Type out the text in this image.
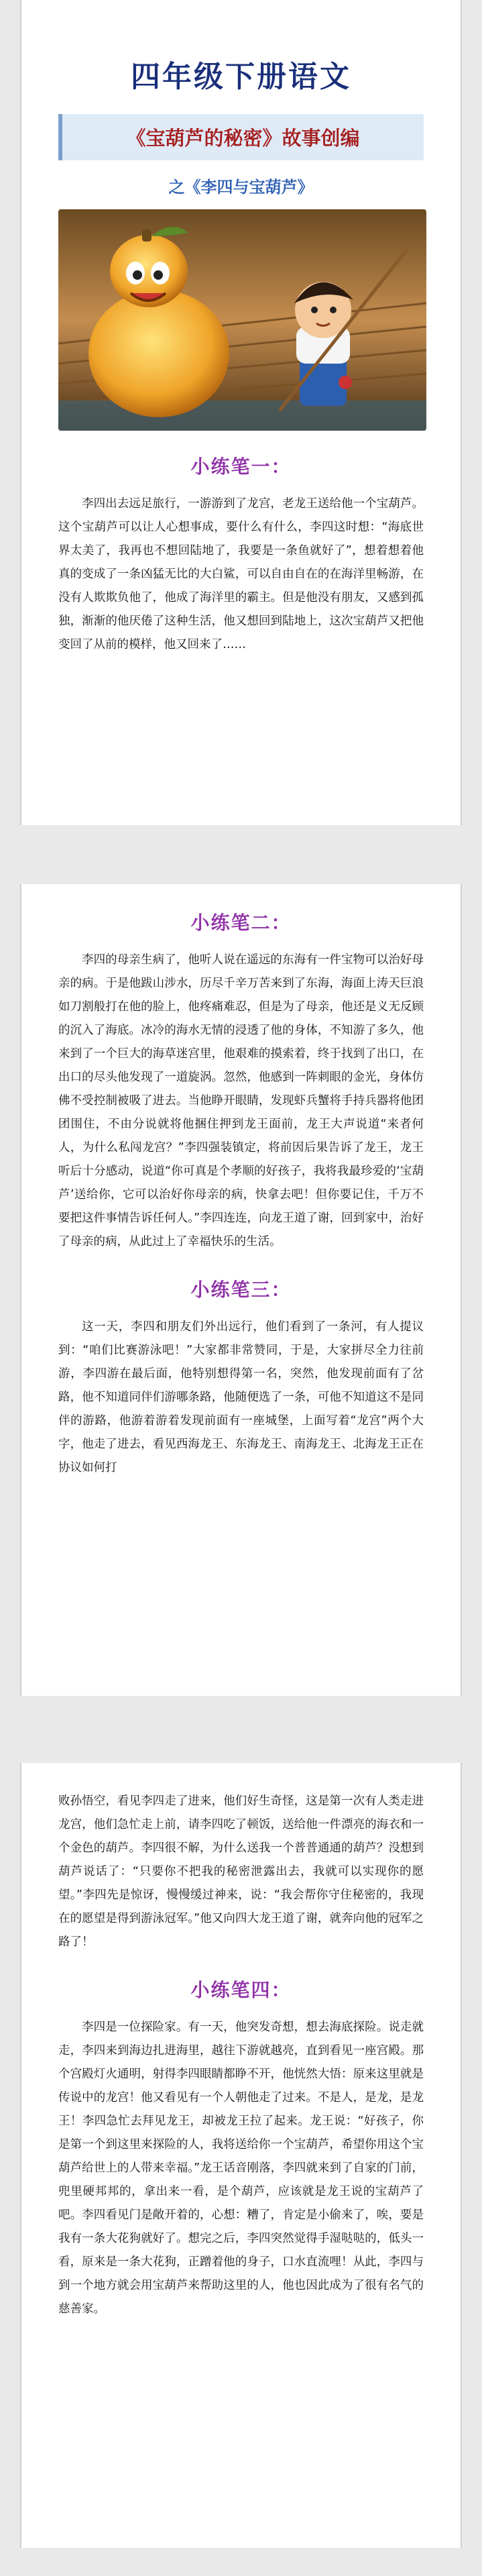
四年级下册语文
《宝葫芦的秘密》故事创编
之《李四与宝葫芦》
小练笔一：

李四出去远足旅行，一游游到了龙宫，老龙王送给他一个宝葫芦。这个宝葫芦可以让人心想事成，要什么有什么，李四这时想：“海底世界太美了，我再也不想回陆地了，我要是一条鱼就好了”，想着想着他真的变成了一条凶猛无比的大白鲨，可以自由自在的在海洋里畅游，在没有人欺欺负他了，他成了海洋里的霸主。但是他没有朋友，又感到孤独，渐渐的他厌倦了这种生活，他又想回到陆地上，这次宝葫芦又把他变回了从前的模样，他又回来了……

小练笔二：

李四的母亲生病了，他听人说在遥远的东海有一件宝物可以治好母亲的病。于是他跋山涉水，历尽千辛万苦来到了东海，海面上涛天巨浪如刀割般打在他的脸上，他疼痛难忍，但是为了母亲，他还是义无反顾的沉入了海底。冰冷的海水无情的浸透了他的身体，不知游了多久，他来到了一个巨大的海草迷宫里，他艰难的摸索着，终于找到了出口，在出口的尽头他发现了一道旋涡。忽然，他感到一阵刺眼的金光，身体仿佛不受控制被吸了进去。当他睁开眼睛，发现虾兵蟹将手持兵器将他团团围住，不由分说就将他捆住押到龙王面前，龙王大声说道“来者何人，为什么私闯龙宫？”李四强装镇定，将前因后果告诉了龙王，龙王听后十分感动，说道“你可真是个孝顺的好孩子，我将我最珍爱的‘宝葫芦’送给你，它可以治好你母亲的病，快拿去吧！但你要记住，千万不要把这件事情告诉任何人。”李四连连，向龙王道了谢，回到家中，治好了母亲的病，从此过上了幸福快乐的生活。

小练笔三：

这一天，李四和朋友们外出远行，他们看到了一条河，有人提议到：“咱们比赛游泳吧！”大家都非常赞同，于是，大家拼尽全力往前游，李四游在最后面，他特别想得第一名，突然，他发现前面有了岔路，他不知道同伴们游哪条路，他随便选了一条，可他不知道这不是同伴的游路，他游着游着发现前面有一座城堡，上面写着“龙宫”两个大字，他走了进去，看见西海龙王、东海龙王、南海龙王、北海龙王正在协议如何打

败孙悟空，看见李四走了进来，他们好生奇怪，这是第一次有人类走进龙宫，他们急忙走上前，请李四吃了顿饭，送给他一件漂亮的海衣和一个金色的葫芦。李四很不解，为什么送我一个普普通通的葫芦？没想到葫芦说话了：“只要你不把我的秘密泄露出去，我就可以实现你的愿望。”李四先是惊讶，慢慢缓过神来，说：“我会帮你守住秘密的，我现在的愿望是得到游泳冠军。”他又向四大龙王道了谢，就奔向他的冠军之路了！

小练笔四：

李四是一位探险家。有一天，他突发奇想，想去海底探险。说走就走，李四来到海边扎进海里，越往下游就越亮，直到看见一座宫殿。那个宫殿灯火通明，射得李四眼睛都睁不开，他恍然大悟：原来这里就是传说中的龙宫！他又看见有一个人朝他走了过来。不是人，是龙，是龙王！李四急忙去拜见龙王，却被龙王拉了起来。龙王说：“好孩子，你是第一个到这里来探险的人，我将送给你一个宝葫芦，希望你用这个宝葫芦给世上的人带来幸福。”龙王话音刚落，李四就来到了自家的门前，兜里硬邦邦的，拿出来一看，是个葫芦，应该就是龙王说的宝葫芦了吧。李四看见门是敞开着的，心想：糟了，肯定是小偷来了，唉，要是我有一条大花狗就好了。想完之后，李四突然觉得手湿哒哒的，低头一看，原来是一条大花狗，正蹭着他的身子，口水直流哩！从此，李四与到一个地方就会用宝葫芦来帮助这里的人，他也因此成为了很有名气的慈善家。
